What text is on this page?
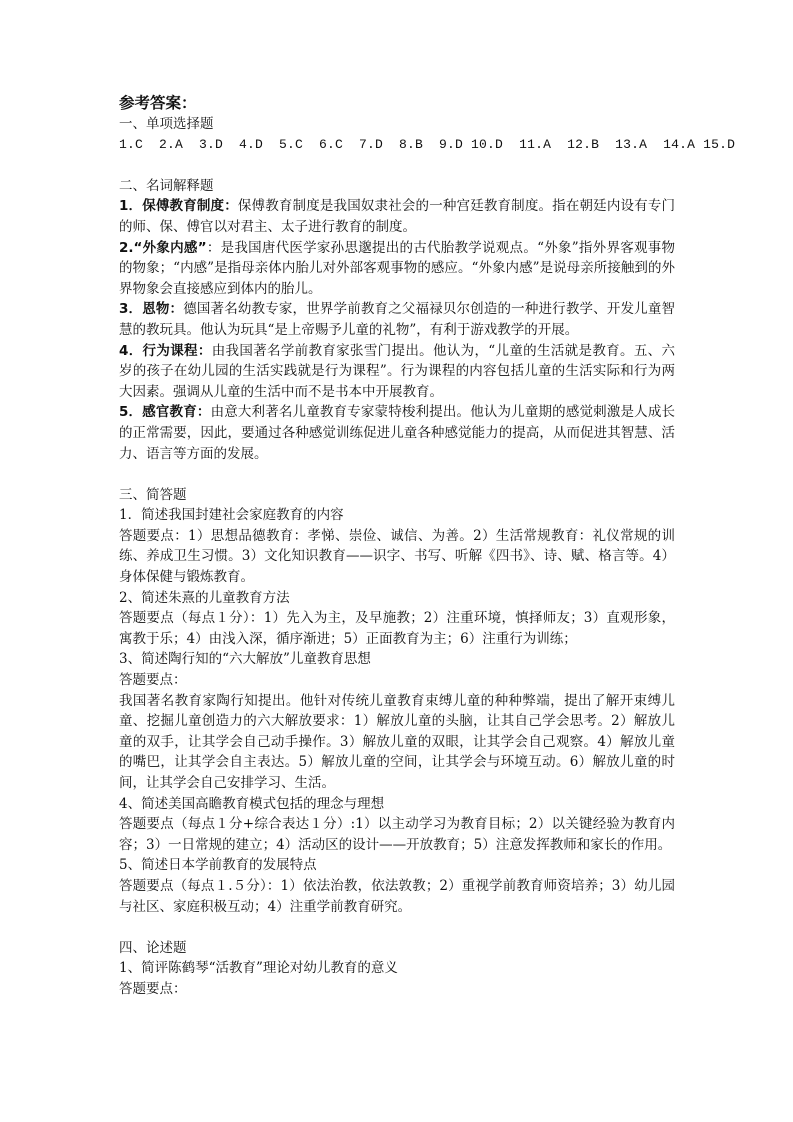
参考答案：

一、单项选择题

1.C  2.A  3.D  4.D  5.C  6.C  7.D  8.B  9.D 10.D  11.A  12.B  13.A  14.A 15.D

二、名词解释题

1．保傅教育制度：保傅教育制度是我国奴隶社会的一种宫廷教育制度。指在朝廷内设有专门的师、保、傅官以对君主、太子进行教育的制度。

2.“外象内感”：是我国唐代医学家孙思邈提出的古代胎教学说观点。“外象”指外界客观事物的物象；“内感”是指母亲体内胎儿对外部客观事物的感应。“外象内感”是说母亲所接触到的外界物象会直接感应到体内的胎儿。

3．恩物：德国著名幼教专家，世界学前教育之父福禄贝尔创造的一种进行教学、开发儿童智慧的教玩具。他认为玩具“是上帝赐予儿童的礼物”，有利于游戏教学的开展。

4．行为课程：由我国著名学前教育家张雪门提出。他认为，“儿童的生活就是教育。五、六岁的孩子在幼儿园的生活实践就是行为课程”。行为课程的内容包括儿童的生活实际和行为两大因素。强调从儿童的生活中而不是书本中开展教育。

5．感官教育：由意大利著名儿童教育专家蒙特梭利提出。他认为儿童期的感觉刺激是人成长的正常需要，因此，要通过各种感觉训练促进儿童各种感觉能力的提高，从而促进其智慧、活力、语言等方面的发展。

三、简答题

1．简述我国封建社会家庭教育的内容

答题要点：1）思想品德教育：孝悌、崇俭、诚信、为善。2）生活常规教育：礼仪常规的训练、养成卫生习惯。3）文化知识教育——识字、书写、听解《四书》、诗、赋、格言等。4）身体保健与锻炼教育。

2、简述朱熹的儿童教育方法

答题要点（每点１分）：1）先入为主，及早施教；2）注重环境，慎择师友；3）直观形象，寓教于乐；4）由浅入深，循序渐进；5）正面教育为主；6）注重行为训练；

3、简述陶行知的“六大解放”儿童教育思想

答题要点：

我国著名教育家陶行知提出。他针对传统儿童教育束缚儿童的种种弊端，提出了解开束缚儿童、挖掘儿童创造力的六大解放要求：1）解放儿童的头脑，让其自己学会思考。2）解放儿童的双手，让其学会自己动手操作。3）解放儿童的双眼，让其学会自己观察。4）解放儿童的嘴巴，让其学会自主表达。5）解放儿童的空间，让其学会与环境互动。6）解放儿童的时间，让其学会自己安排学习、生活。

4、简述美国高瞻教育模式包括的理念与理想

答题要点（每点１分+综合表达１分）:1）以主动学习为教育目标；2）以关键经验为教育内容；3）一日常规的建立；4）活动区的设计——开放教育；5）注意发挥教师和家长的作用。

5、简述日本学前教育的发展特点

答题要点（每点１.５分）：1）依法治教，依法敦教；2）重视学前教育师资培养；3）幼儿园与社区、家庭积极互动；4）注重学前教育研究。

四、论述题

1、简评陈鹤琴“活教育”理论对幼儿教育的意义

答题要点：
